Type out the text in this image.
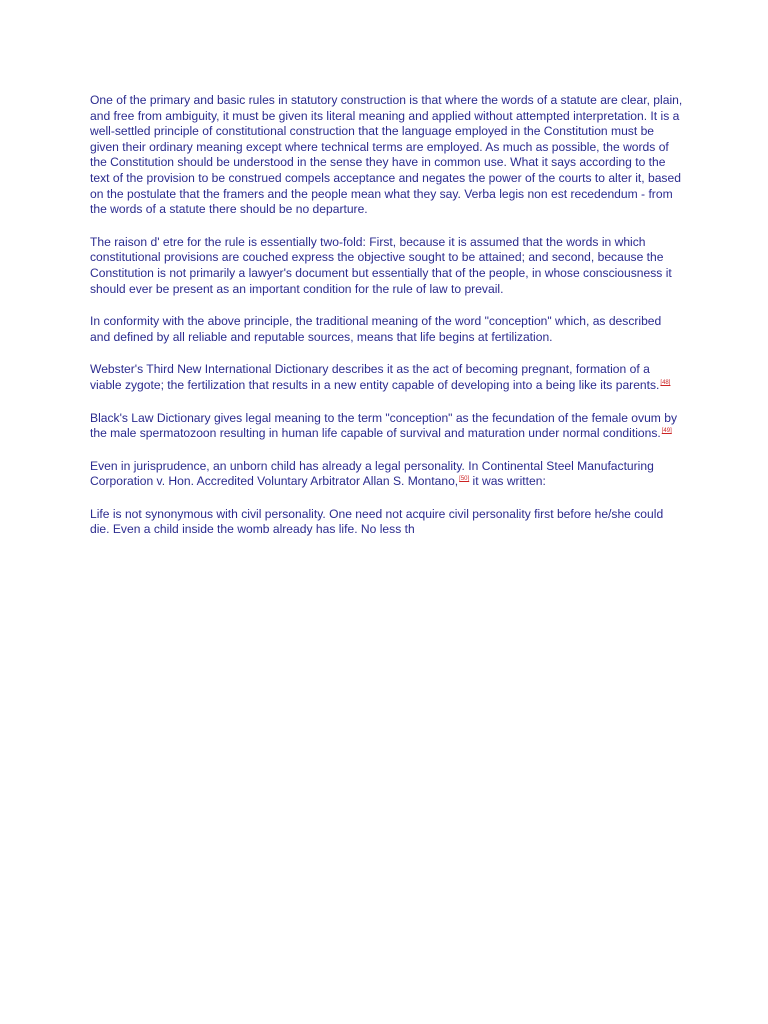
One of the primary and basic rules in statutory construction is that where the words of a statute are clear, plain, and free from ambiguity, it must be given its literal meaning and applied without attempted interpretation. It is a well-settled principle of constitutional construction that the language employed in the Constitution must be given their ordinary meaning except where technical terms are employed. As much as possible, the words of the Constitution should be understood in the sense they have in common use. What it says according to the text of the provision to be construed compels acceptance and negates the power of the courts to alter it, based on the postulate that the framers and the people mean what they say. Verba legis non est recedendum - from the words of a statute there should be no departure.

The raison d' etre for the rule is essentially two-fold: First, because it is assumed that the words in which constitutional provisions are couched express the objective sought to be attained; and second, because the Constitution is not primarily a lawyer's document but essentially that of the people, in whose consciousness it should ever be present as an important condition for the rule of law to prevail.

In conformity with the above principle, the traditional meaning of the word "conception" which, as described and defined by all reliable and reputable sources, means that life begins at fertilization.

Webster's Third New International Dictionary describes it as the act of becoming pregnant, formation of a viable zygote; the fertilization that results in a new entity capable of developing into a being like its parents.[48]

Black's Law Dictionary gives legal meaning to the term "conception" as the fecundation of the female ovum by the male spermatozoon resulting in human life capable of survival and maturation under normal conditions.[49]

Even in jurisprudence, an unborn child has already a legal personality. In Continental Steel Manufacturing Corporation v. Hon. Accredited Voluntary Arbitrator Allan S. Montano,[50] it was written:

Life is not synonymous with civil personality. One need not acquire civil personality first before he/she could die. Even a child inside the womb already has life. No less th
